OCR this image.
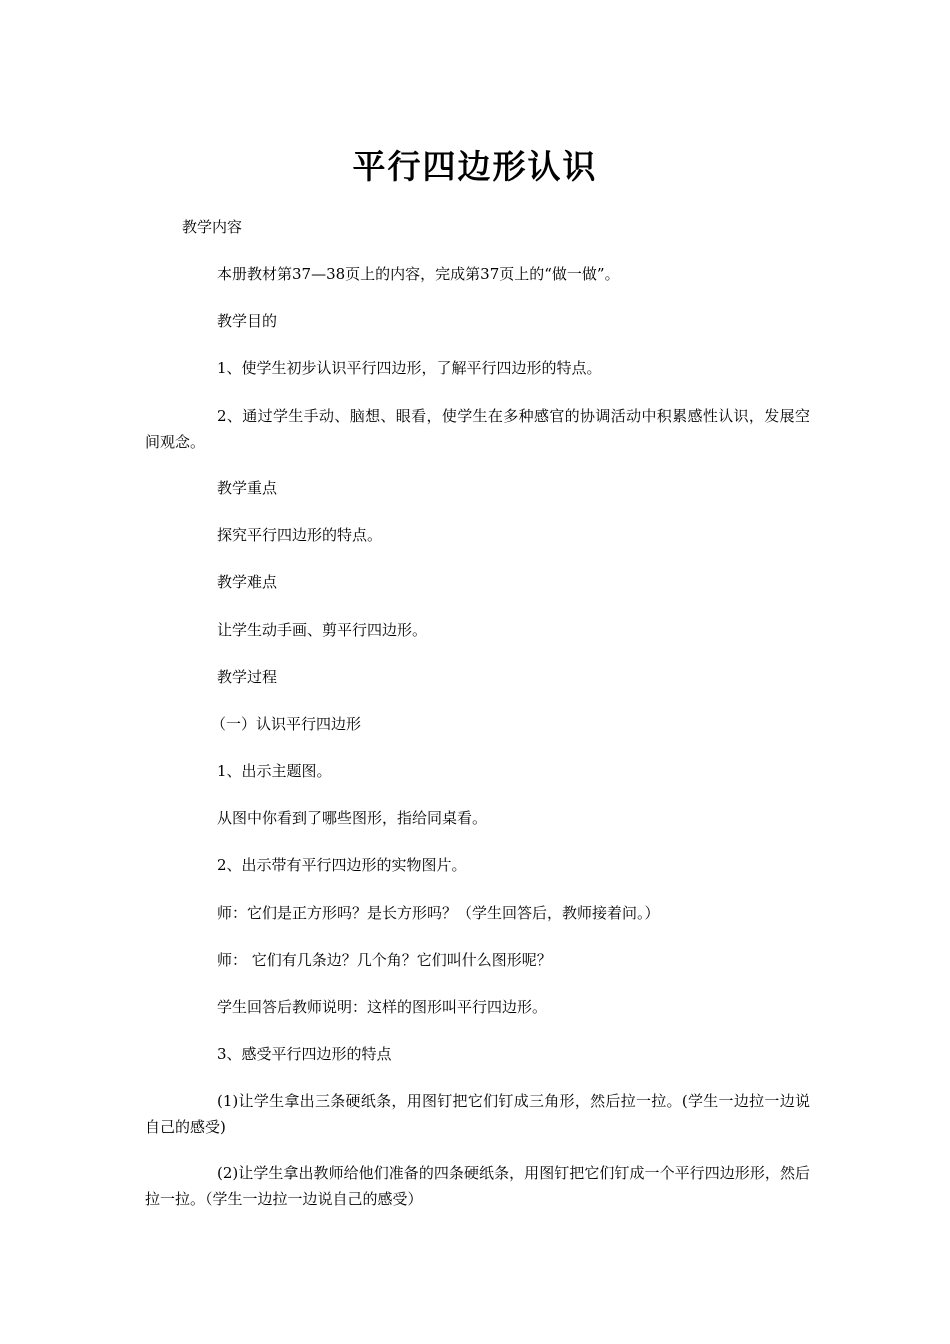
平行四边形认识
教学内容
本册教材第37—38页上的内容，完成第37页上的“做一做”。
教学目的
1、使学生初步认识平行四边形，了解平行四边形的特点。
2、通过学生手动、脑想、眼看，使学生在多种感官的协调活动中积累感性认识，发展空间观念。
教学重点
探究平行四边形的特点。
教学难点
让学生动手画、剪平行四边形。
教学过程
（一）认识平行四边形
1、出示主题图。
从图中你看到了哪些图形，指给同桌看。
2、出示带有平行四边形的实物图片。
师：它们是正方形吗？是长方形吗？（学生回答后，教师接着问。）
师： 它们有几条边？几个角？它们叫什么图形呢？
学生回答后教师说明：这样的图形叫平行四边形。
3、感受平行四边形的特点
(1)让学生拿出三条硬纸条，用图钉把它们钉成三角形，然后拉一拉。(学生一边拉一边说自己的感受)
(2)让学生拿出教师给他们准备的四条硬纸条，用图钉把它们钉成一个平行四边形形，然后拉一拉。（学生一边拉一边说自己的感受）
